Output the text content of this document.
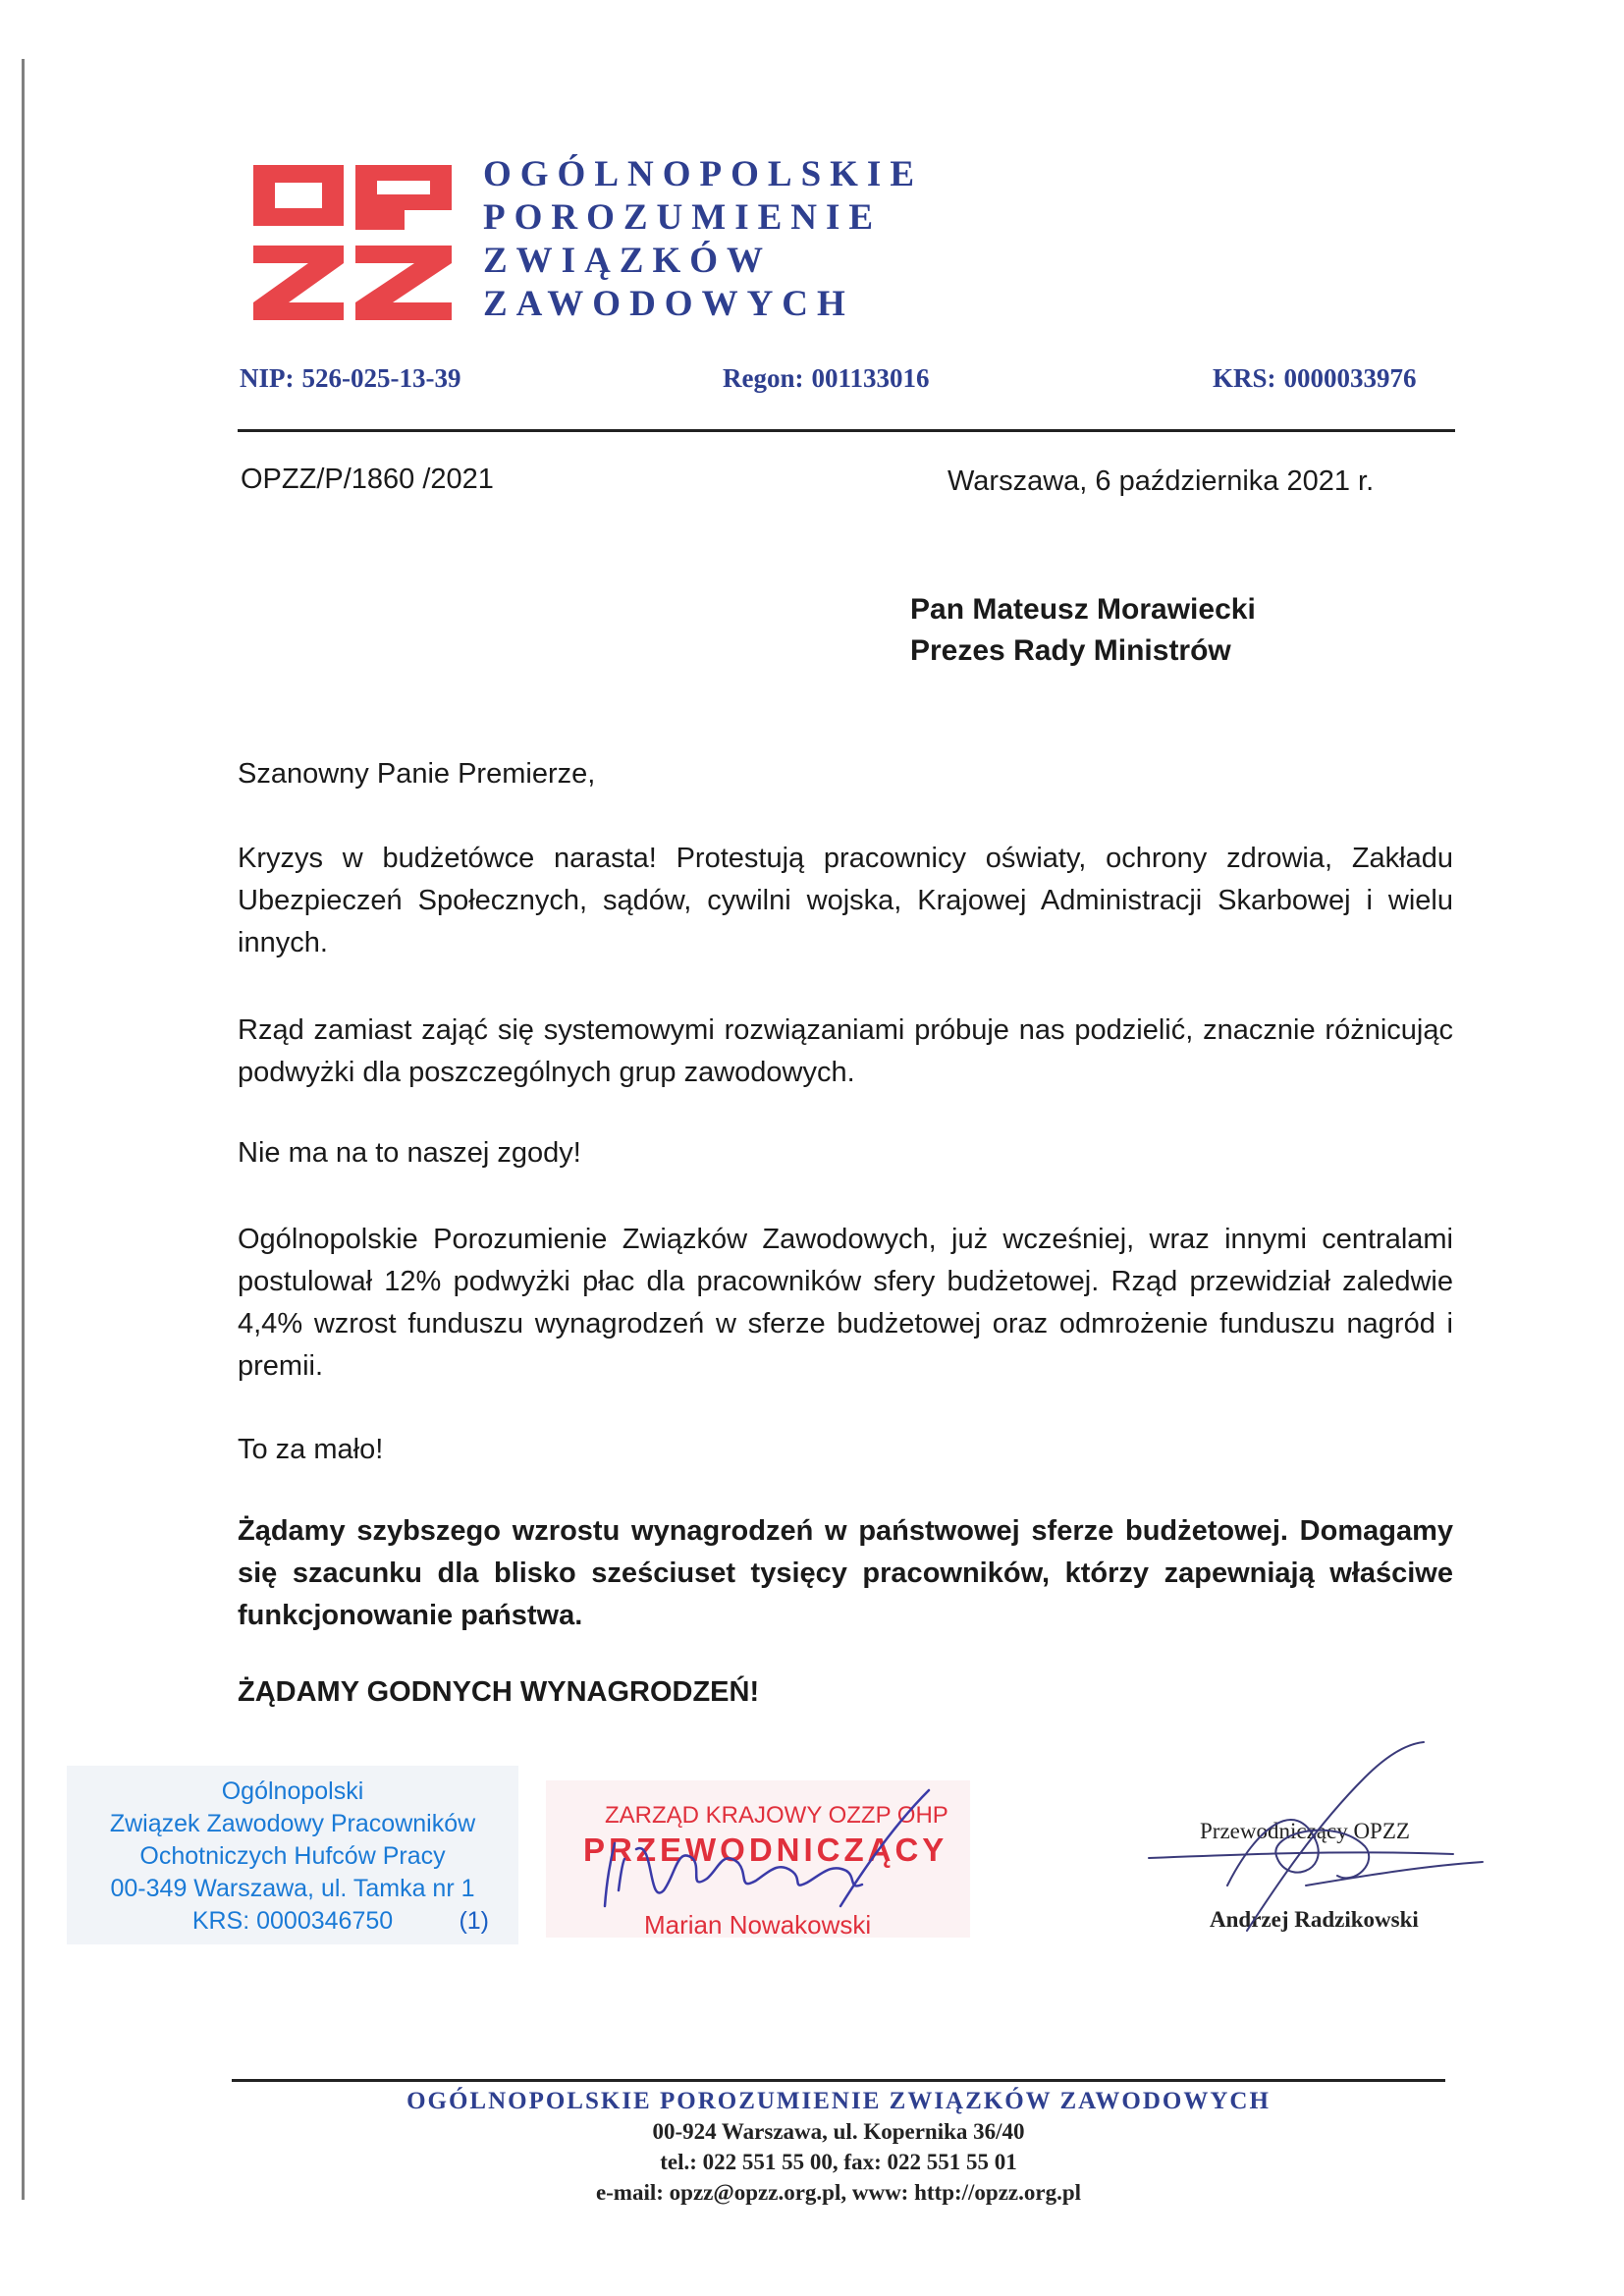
OGÓLNOPOLSKIE
POROZUMIENIE
ZWIĄZKÓW
ZAWODOWYCH
NIP: 526-025-13-39	Regon: 001133016	KRS: 0000033976
OPZZ/P/1860 /2021	Warszawa, 6 października 2021 r.
Pan Mateusz Morawiecki
Prezes Rady Ministrów
Szanowny Panie Premierze,
Kryzys w budżetówce narasta! Protestują pracownicy oświaty, ochrony zdrowia, Zakładu Ubezpieczeń Społecznych, sądów, cywilni wojska, Krajowej Administracji Skarbowej i wielu innych.
Rząd zamiast zająć się systemowymi rozwiązaniami próbuje nas podzielić, znacznie różnicując podwyżki dla poszczególnych grup zawodowych.
Nie ma na to naszej zgody!
Ogólnopolskie Porozumienie Związków Zawodowych, już wcześniej, wraz innymi centralami postulował 12% podwyżki płac dla pracowników sfery budżetowej. Rząd przewidział zaledwie 4,4% wzrost funduszu wynagrodzeń w sferze budżetowej oraz odmrożenie funduszu nagród i premii.
To za mało!
Żądamy szybszego wzrostu wynagrodzeń w państwowej sferze budżetowej. Domagamy się szacunku dla blisko sześciuset tysięcy pracowników, którzy zapewniają właściwe funkcjonowanie państwa.
ŻĄDAMY GODNYCH WYNAGRODZEŃ!
Ogólnopolski
Związek Zawodowy Pracowników
Ochotniczych Hufców Pracy
00-349 Warszawa, ul. Tamka nr 1
KRS: 0000346750	(1)
ZARZĄD KRAJOWY OZZP OHP
PRZEWODNICZĄCY
Marian Nowakowski
Przewodniczący OPZZ
Andrzej Radzikowski
OGÓLNOPOLSKIE POROZUMIENIE ZWIĄZKÓW ZAWODOWYCH
00-924 Warszawa, ul. Kopernika 36/40
tel.: 022 551 55 00, fax: 022 551 55 01
e-mail: opzz@opzz.org.pl, www: http://opzz.org.pl
